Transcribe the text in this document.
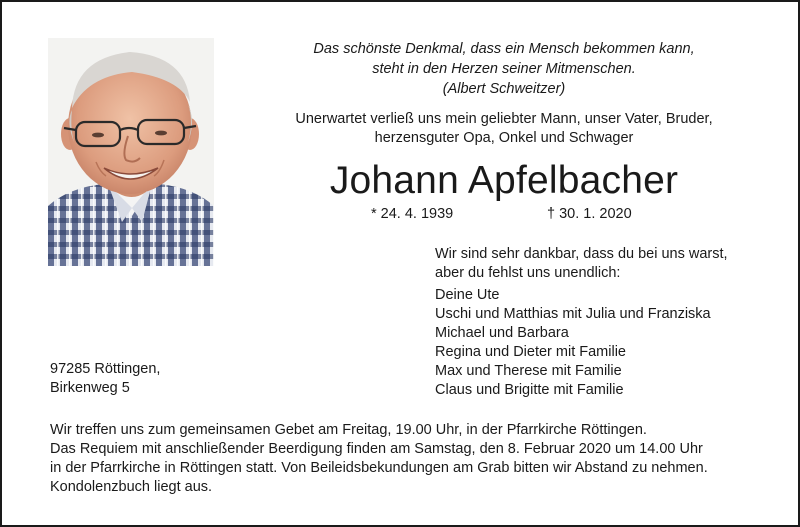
Das schönste Denkmal, dass ein Mensch bekommen kann,
steht in den Herzen seiner Mitmenschen.
(Albert Schweitzer)
Unerwartet verließ uns mein geliebter Mann, unser Vater, Bruder,
herzensguter Opa, Onkel und Schwager
Johann Apfelbacher
* 24. 4. 1939	† 30. 1. 2020
Wir sind sehr dankbar, dass du bei uns warst,
aber du fehlst uns unendlich:
Deine Ute
Uschi und Matthias mit Julia und Franziska
Michael und Barbara
Regina und Dieter mit Familie
Max und Therese mit Familie
Claus und Brigitte mit Familie
97285 Röttingen,
Birkenweg 5
Wir treffen uns zum gemeinsamen Gebet am Freitag, 19.00 Uhr, in der Pfarrkirche Röttingen.
Das Requiem mit anschließender Beerdigung finden am Samstag, den 8. Februar 2020 um 14.00 Uhr
in der Pfarrkirche in Röttingen statt. Von Beileidsbekundungen am Grab bitten wir Abstand zu nehmen.
Kondolenzbuch liegt aus.
